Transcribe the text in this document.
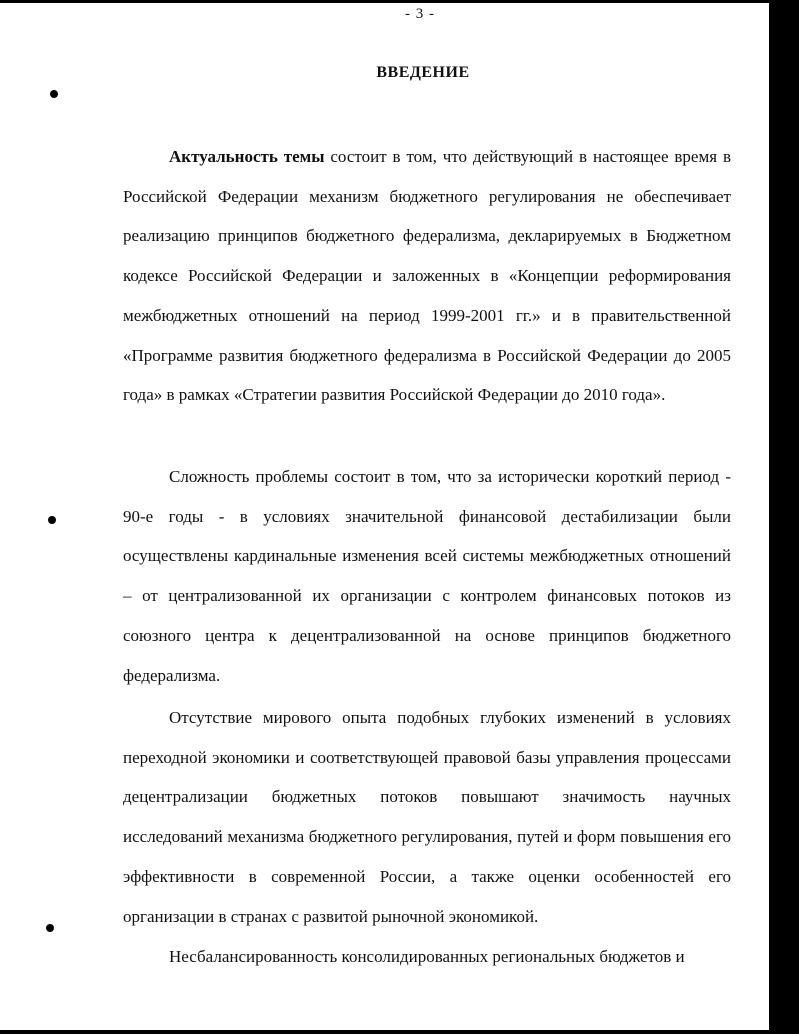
- 3 -
ВВЕДЕНИЕ

Актуальность темы состоит в том, что действующий в настоящее время в Российской Федерации механизм бюджетного регулирования не обеспечивает реализацию принципов бюджетного федерализма, декларируемых в Бюджетном кодексе Российской Федерации и заложенных в «Концепции реформирования межбюджетных отношений на период 1999-2001 гг.» и в правительственной «Программе развития бюджетного федерализма в Российской Федерации до 2005 года» в рамках «Стратегии развития Российской Федерации до 2010 года».

Сложность проблемы состоит в том, что за исторически короткий период - 90-е годы - в условиях значительной финансовой дестабилизации были осуществлены кардинальные изменения всей системы межбюджетных отношений – от централизованной их организации с контролем финансовых потоков из союзного центра к децентрализованной на основе принципов бюджетного федерализма.

Отсутствие мирового опыта подобных глубоких изменений в условиях переходной экономики и соответствующей правовой базы управления процессами децентрализации бюджетных потоков повышают значимость научных исследований механизма бюджетного регулирования, путей и форм повышения его эффективности в современной России, а также оценки особенностей его организации в странах с развитой рыночной экономикой.

Несбалансированность консолидированных региональных бюджетов и
